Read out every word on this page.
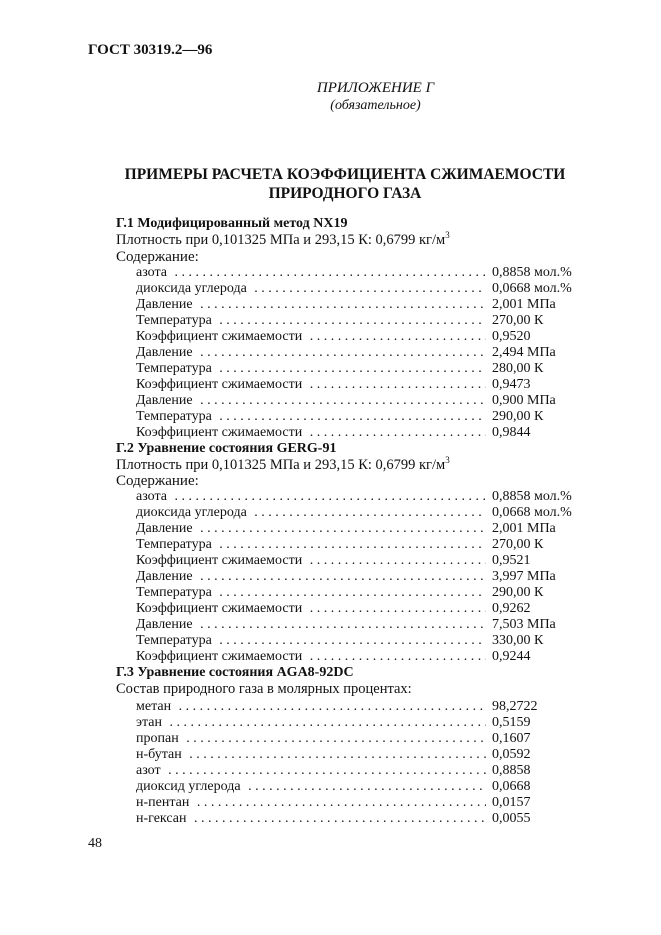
ГОСТ 30319.2—96
ПРИЛОЖЕНИЕ Г
(обязательное)
ПРИМЕРЫ РАСЧЕТА КОЭФФИЦИЕНТА СЖИМАЕМОСТИ
ПРИРОДНОГО ГАЗА
Г.1 Модифицированный метод NX19
Плотность при 0,101325 МПа и 293,15 К: 0,6799 $кг/м^3$
Содержание:
азота . . .	0,8858 мол.%
диоксида углерода . . .	0,0668 мол.%
Давление . . .	2,001 МПа
Температура . . .	270,00 К
Коэффициент сжимаемости . . .	0,9520
Давление . . .	2,494 МПа
Температура . . .	280,00 К
Коэффициент сжимаемости . . .	0,9473
Давление . . .	0,900 МПа
Температура . . .	290,00 К
Коэффициент сжимаемости . . .	0,9844
Г.2 Уравнение состояния GERG-91
Плотность при 0,101325 МПа и 293,15 К: 0,6799 $кг/м^3$
Содержание:
азота . . .	0,8858 мол.%
диоксида углерода . . .	0,0668 мол.%
Давление . . .	2,001 МПа
Температура . . .	270,00 К
Коэффициент сжимаемости . . .	0,9521
Давление . . .	3,997 МПа
Температура . . .	290,00 К
Коэффициент сжимаемости . . .	0,9262
Давление . . .	7,503 МПа
Температура . . .	330,00 К
Коэффициент сжимаемости . . .	0,9244
Г.3 Уравнение состояния AGA8-92DC
Состав природного газа в молярных процентах:
метан . . .	98,2722
этан . . .	0,5159
пропан . . .	0,1607
н-бутан . . .	0,0592
азот . . .	0,8858
диоксид углерода . . .	0,0668
н-пентан . . .	0,0157
н-гексан . . .	0,0055
48
